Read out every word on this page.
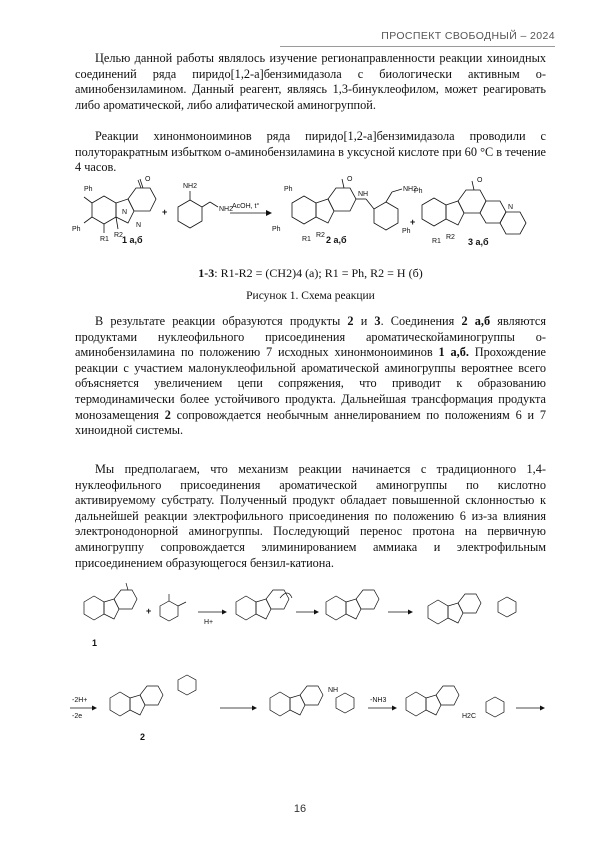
ПРОСПЕКТ СВОБОДНЫЙ – 2024

Целью данной работы являлось изучение регионаправленности реакции хиноидных соединений ряда пиридо[1,2-a]бензимидазола с биологически активным о-аминобензиламином. Данный реагент, являясь 1,3-бинуклеофилом, может реагировать либо ароматической, либо алифатической аминогруппой.

Реакции хинонмоноиминов ряда пиридо[1,2-a]бензимидазола проводили с полуторакратным избытком о-аминобензиламина в уксусной кислоте при 60 °C в течение 4 часов.

Ph
Ph
O
N
N
R1
R2 1 а,б
+
NH2
NH2
AcOH, t°
Ph
Ph
O
NH
NH2
R1
R2 2 а,б
+
Ph
Ph
O
N
R1
R2 3 а,б
1-3: R1-R2 = (CH2)4 (а); R1 = Ph, R2 = H (б)
Рисунок 1. Схема реакции

В результате реакции образуются продукты 2 и 3. Соединения 2 а,б являются продуктами нуклеофильного присоединения ароматическойаминогруппы о-аминобензиламина по положению 7 исходных хинонмоноиминов 1 а,б. Прохождение реакции с участием малонуклеофильной ароматической аминогруппы вероятнее всего объясняется увеличением цепи сопряжения, что приводит к образованию термодинамически более устойчивого продукта. Дальнейшая трансформация продукта монозамещения 2 сопровождается необычным аннелированием по положениям 6 и 7 хиноидной системы.

Мы предполагаем, что механизм реакции начинается с традиционного 1,4-нуклеофильного присоединения ароматической аминогруппы по кислотно активируемому субстрату. Полученный продукт обладает повышенной склонностью к дальнейшей реакции электрофильного присоединения по положению 6 из-за влияния электронодонорной аминогруппы. Последующий перенос протона на первичную аминогруппу сопровождается элиминированием аммиака и электрофильным присоединением образующегося бензил-катиона.

1
+
H+
-2H+
-2e
2
NH
-NH3
H2C
16
